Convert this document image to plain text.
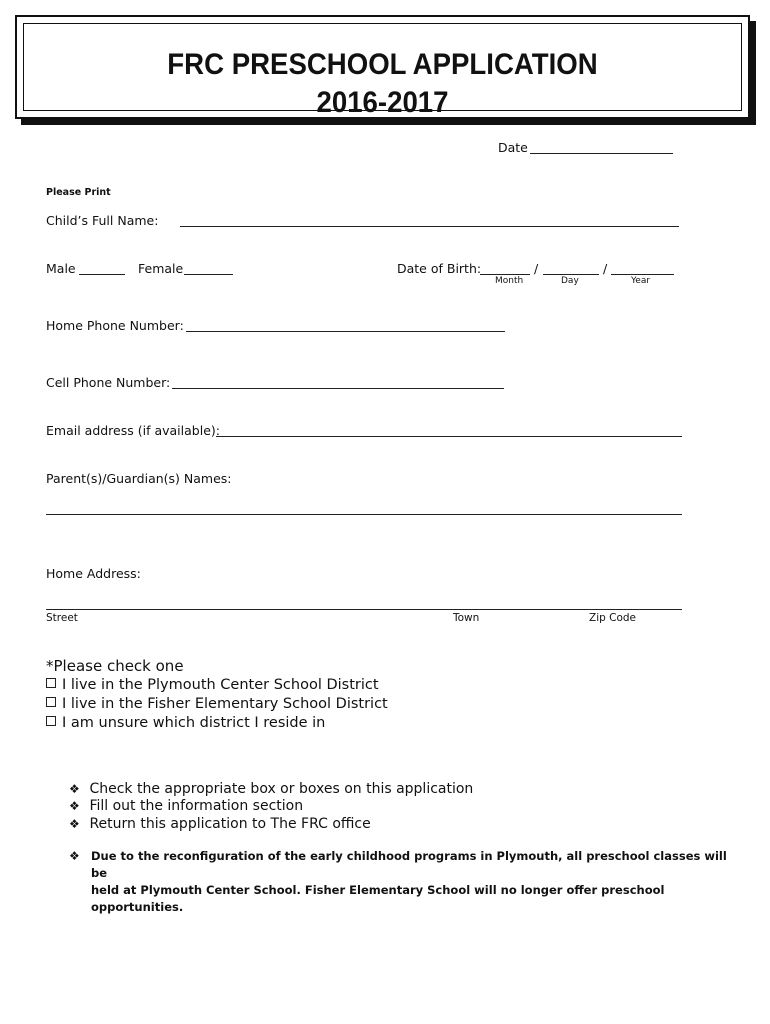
FRC PRESCHOOL APPLICATION
2016-2017
Date
Please Print
Child’s Full Name:
Male	Female	Date of Birth:	/	/
Month	Day	Year
Home Phone Number:
Cell Phone Number:
Email address (if available):
Parent(s)/Guardian(s) Names:
Home Address:
Street	Town	Zip Code
*Please check one
I live in the Plymouth Center School District
I live in the Fisher Elementary School District
I am unsure which district I reside in
❖ Check the appropriate box or boxes on this application
❖ Fill out the information section
❖ Return this application to The FRC office
❖ Due to the reconfiguration of the early childhood programs in Plymouth, all preschool classes will be
held at Plymouth Center School. Fisher Elementary School will no longer offer preschool opportunities.
